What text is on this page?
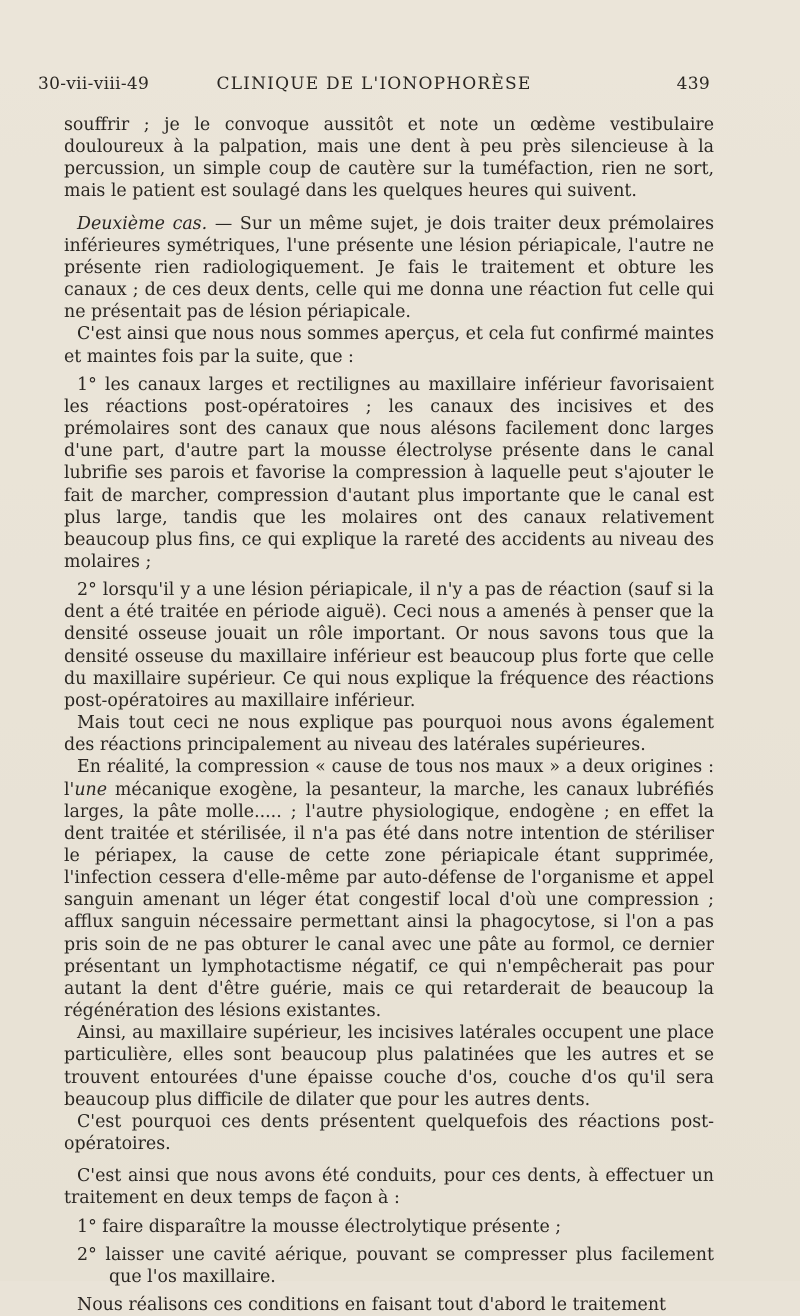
30-vii-viii-49	CLINIQUE DE L'IONOPHORÈSE	439

souffrir ; je le convoque aussitôt et note un œdème vestibulaire douloureux à la palpation, mais une dent à peu près silencieuse à la percussion, un simple coup de cautère sur la tuméfaction, rien ne sort, mais le patient est soulagé dans les quelques heures qui suivent.

Deuxième cas. — Sur un même sujet, je dois traiter deux prémolaires inférieures symétriques, l'une présente une lésion périapicale, l'autre ne présente rien radiologiquement. Je fais le traitement et obture les canaux ; de ces deux dents, celle qui me donna une réaction fut celle qui ne présentait pas de lésion périapicale.

C'est ainsi que nous nous sommes aperçus, et cela fut confirmé maintes et maintes fois par la suite, que :

1° les canaux larges et rectilignes au maxillaire inférieur favorisaient les réactions post-opératoires ; les canaux des incisives et des prémolaires sont des canaux que nous alésons facilement donc larges d'une part, d'autre part la mousse électrolyse présente dans le canal lubrifie ses parois et favorise la compression à laquelle peut s'ajouter le fait de marcher, compression d'autant plus importante que le canal est plus large, tandis que les molaires ont des canaux relativement beaucoup plus fins, ce qui explique la rareté des accidents au niveau des molaires ;

2° lorsqu'il y a une lésion périapicale, il n'y a pas de réaction (sauf si la dent a été traitée en période aiguë). Ceci nous a amenés à penser que la densité osseuse jouait un rôle important. Or nous savons tous que la densité osseuse du maxillaire inférieur est beaucoup plus forte que celle du maxillaire supérieur. Ce qui nous explique la fréquence des réactions post-opératoires au maxillaire inférieur.

Mais tout ceci ne nous explique pas pourquoi nous avons également des réactions principalement au niveau des latérales supérieures.

En réalité, la compression « cause de tous nos maux » a deux origines : l'une mécanique exogène, la pesanteur, la marche, les canaux lubréfiés larges, la pâte molle..... ; l'autre physiologique, endogène ; en effet la dent traitée et stérilisée, il n'a pas été dans notre intention de stériliser le périapex, la cause de cette zone périapicale étant supprimée, l'infection cessera d'elle-même par auto-défense de l'organisme et appel sanguin amenant un léger état congestif local d'où une compression ; afflux sanguin nécessaire permettant ainsi la phagocytose, si l'on a pas pris soin de ne pas obturer le canal avec une pâte au formol, ce dernier présentant un lymphotactisme négatif, ce qui n'empêcherait pas pour autant la dent d'être guérie, mais ce qui retarderait de beaucoup la régénération des lésions existantes.

Ainsi, au maxillaire supérieur, les incisives latérales occupent une place particulière, elles sont beaucoup plus palatinées que les autres et se trouvent entourées d'une épaisse couche d'os, couche d'os qu'il sera beaucoup plus difficile de dilater que pour les autres dents.

C'est pourquoi ces dents présentent quelquefois des réactions post-opératoires.

C'est ainsi que nous avons été conduits, pour ces dents, à effectuer un traitement en deux temps de façon à :

1° faire disparaître la mousse électrolytique présente ;

2° laisser une cavité aérique, pouvant se compresser plus facilement que l'os maxillaire.

Nous réalisons ces conditions en faisant tout d'abord le traitement
